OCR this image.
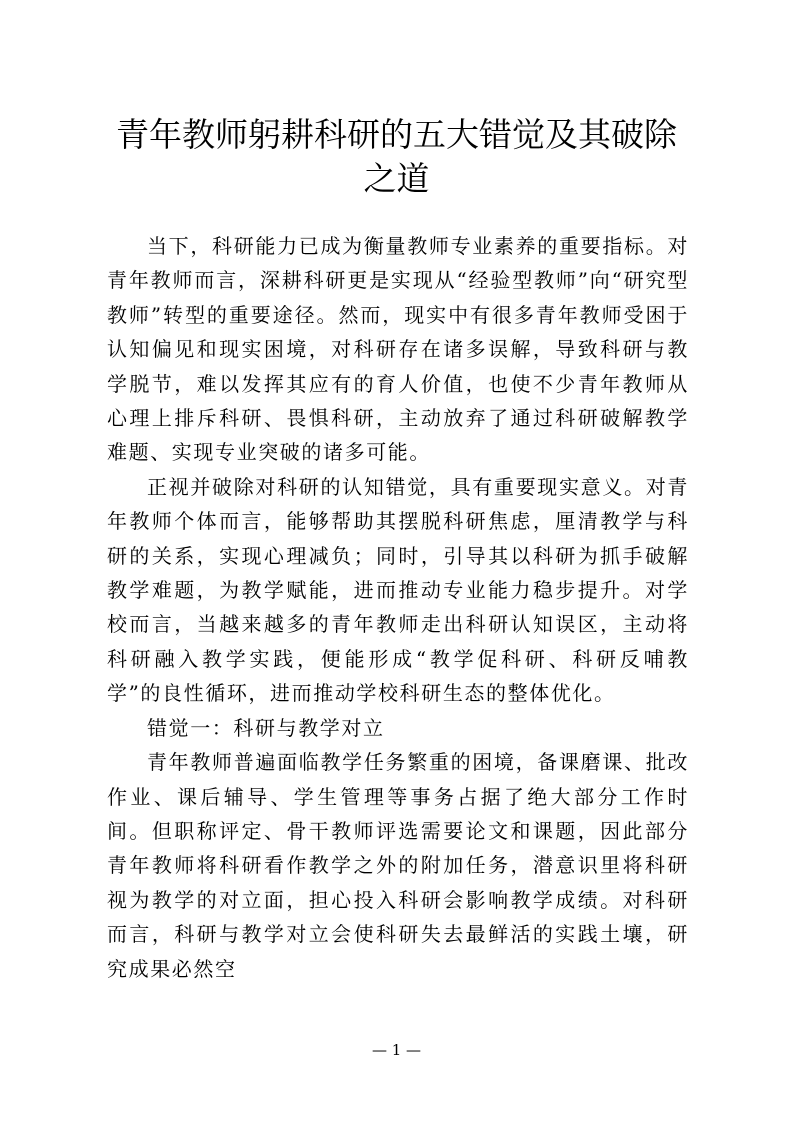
青年教师躬耕科研的五大错觉及其破除之道

当下，科研能力已成为衡量教师专业素养的重要指标。对青年教师而言，深耕科研更是实现从“经验型教师”向“研究型教师”转型的重要途径。然而，现实中有很多青年教师受困于认知偏见和现实困境，对科研存在诸多误解，导致科研与教学脱节，难以发挥其应有的育人价值，也使不少青年教师从心理上排斥科研、畏惧科研，主动放弃了通过科研破解教学难题、实现专业突破的诸多可能。

正视并破除对科研的认知错觉，具有重要现实意义。对青年教师个体而言，能够帮助其摆脱科研焦虑，厘清教学与科研的关系，实现心理减负；同时，引导其以科研为抓手破解教学难题，为教学赋能，进而推动专业能力稳步提升。对学校而言，当越来越多的青年教师走出科研认知误区，主动将科研融入教学实践，便能形成“教学促科研、科研反哺教学”的良性循环，进而推动学校科研生态的整体优化。

错觉一：科研与教学对立

青年教师普遍面临教学任务繁重的困境，备课磨课、批改作业、课后辅导、学生管理等事务占据了绝大部分工作时间。但职称评定、骨干教师评选需要论文和课题，因此部分青年教师将科研看作教学之外的附加任务，潜意识里将科研视为教学的对立面，担心投入科研会影响教学成绩。对科研而言，科研与教学对立会使科研失去最鲜活的实践土壤，研究成果必然空

— 1 —
